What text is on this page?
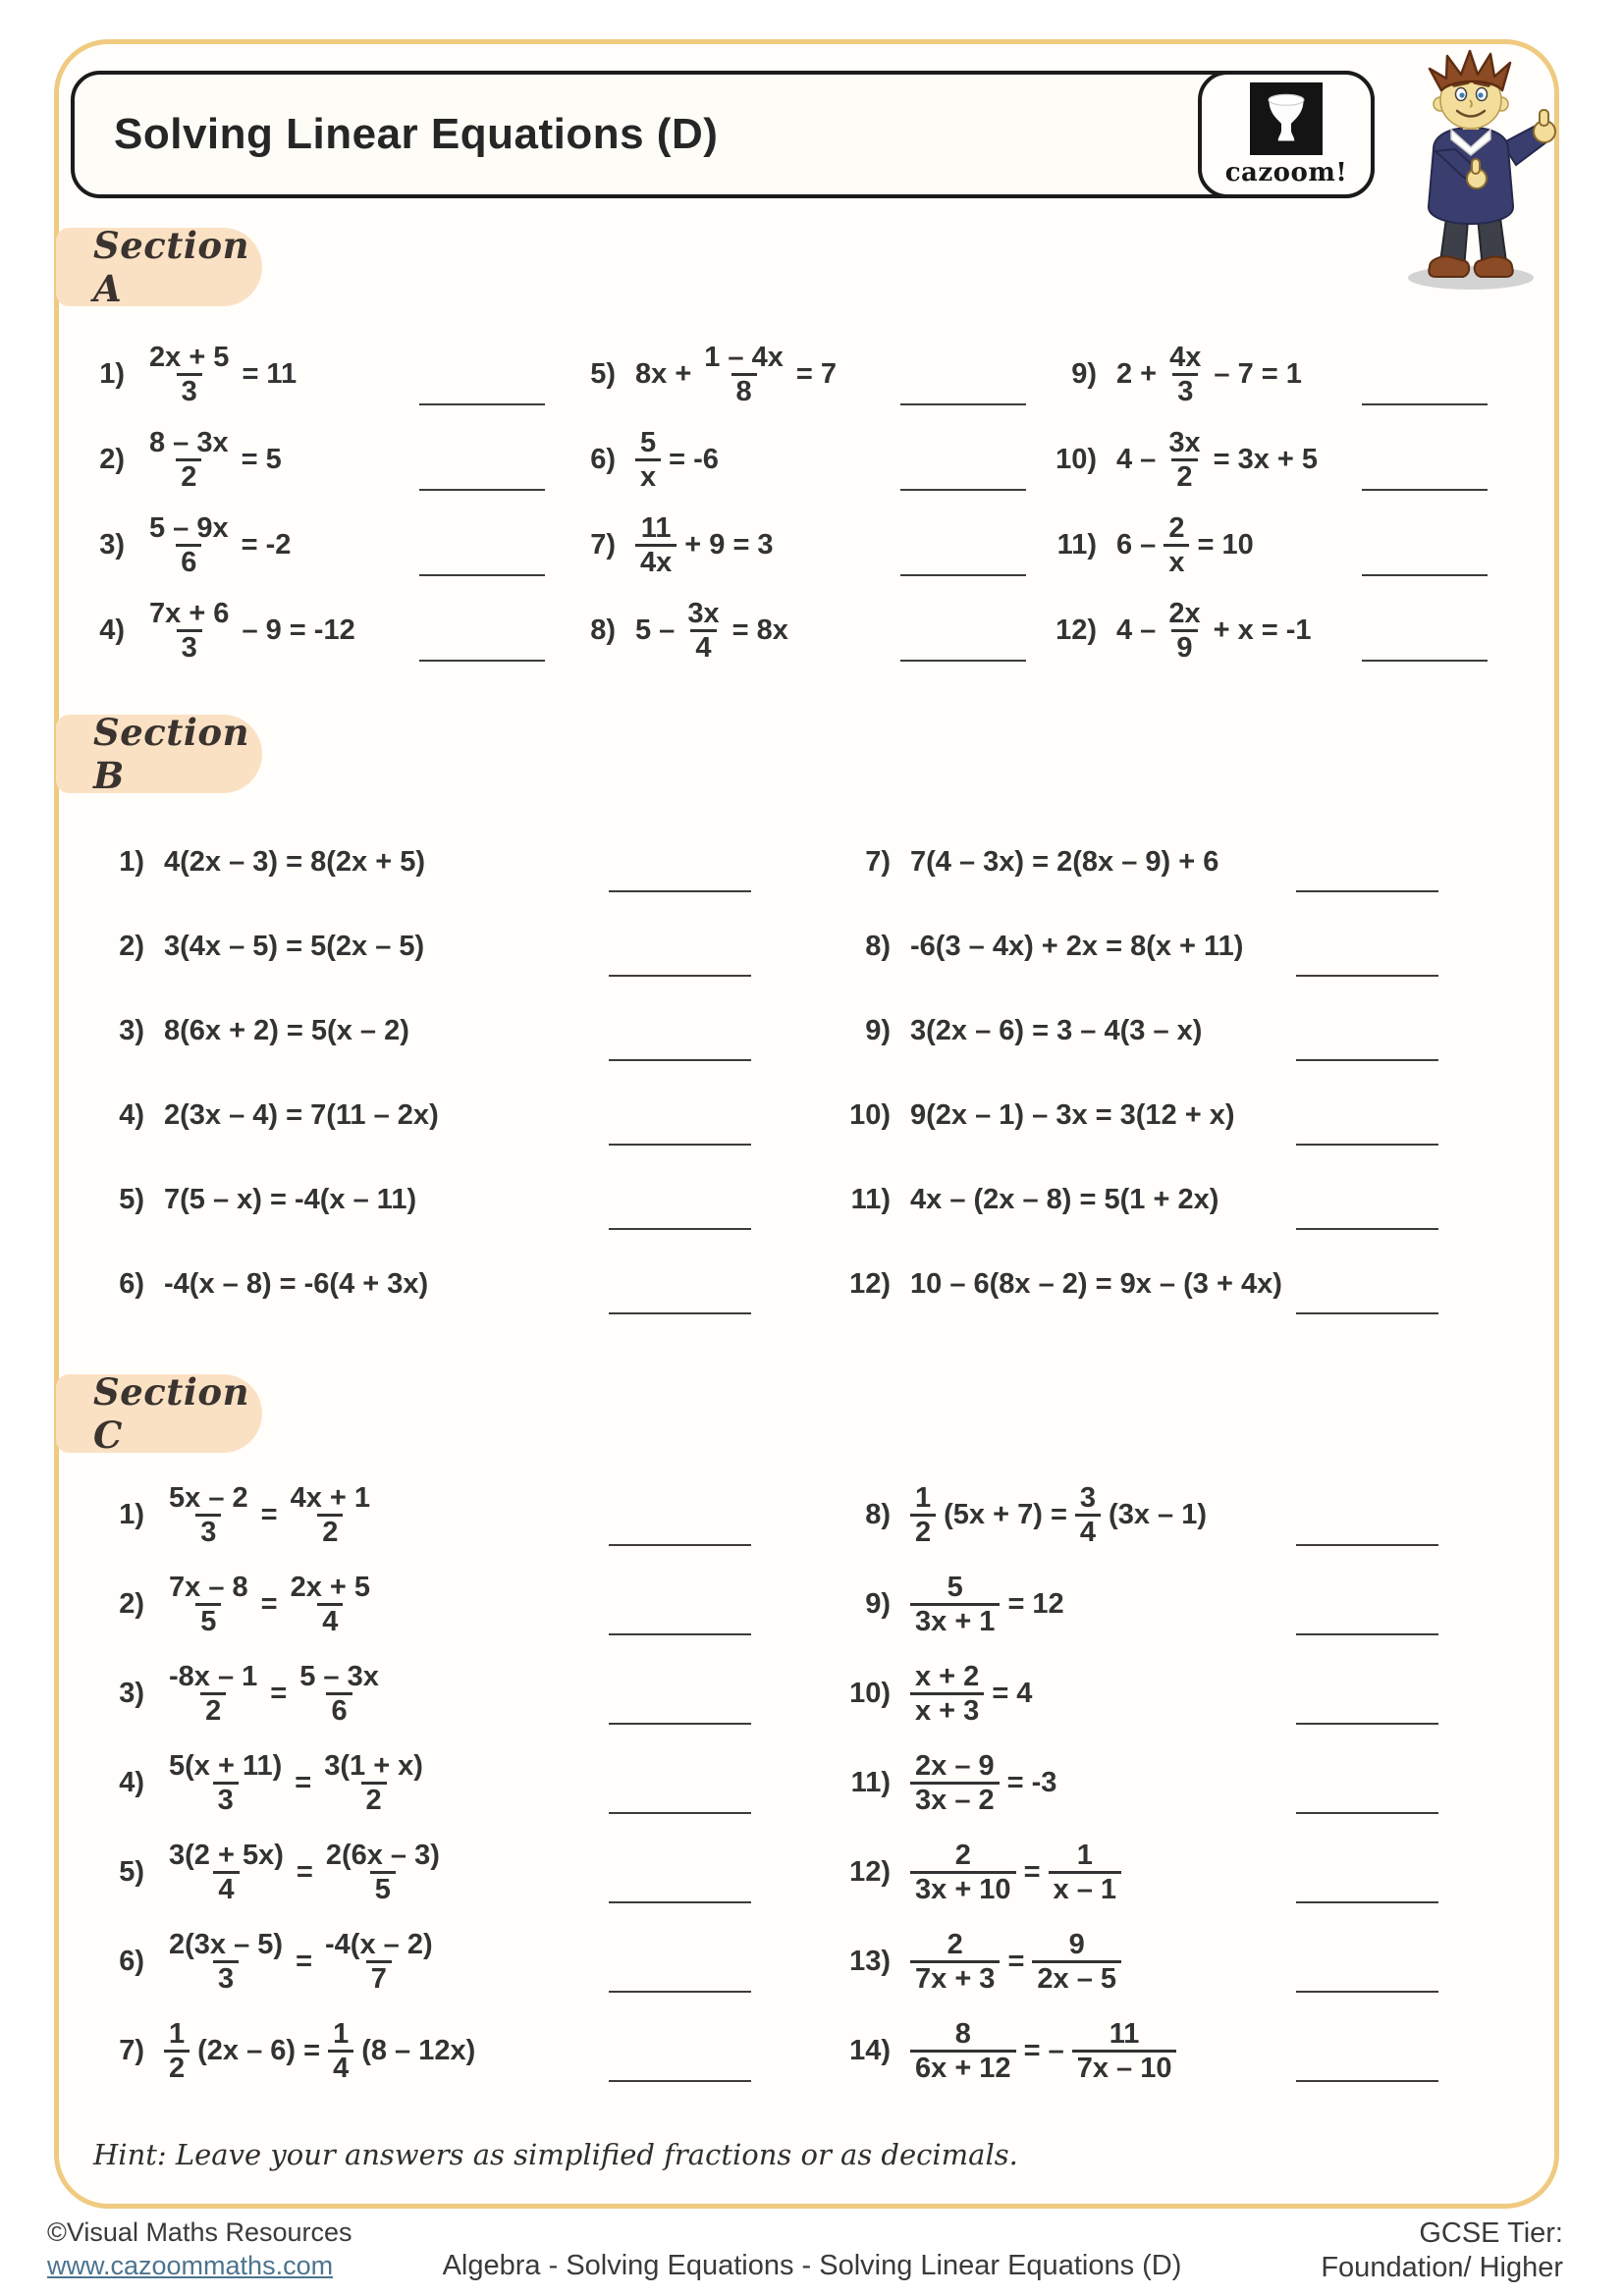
Solving Linear Equations (D)
cazoom!
Section A
Section B
Section C
$1) \frac{2x + 5}{3} = 11$
$2) \frac{8 - 3x}{2} = 5$
$3) \frac{5 - 9x}{6} = -2$
$4) \frac{7x + 6}{3} - 9 = -12$
5) $8x + \frac{1 - 4x}{8} = 7$
$6) \frac{5}{x} = -6$
$7) \frac{11}{4x} + 9 = 3$
8) $5 - \frac{3x}{4} = 8x$
9) $2 + \frac{4x}{3} - 7 = 1$
10) $4 - \frac{3x}{2} = 3x + 5$
11) $6 - \frac{2}{x} = 10$
12) $4 - \frac{2x}{9} + x = -1$
1) 4(2x – 3) = 8(2x + 5)
2) 3(4x – 5) = 5(2x – 5)
3) 8(6x + 2) = 5(x – 2)
4) 2(3x – 4) = 7(11 – 2x)
5) 7(5 – x) = -4(x – 11)
6) -4(x – 8) = -6(4 + 3x)
7) 7(4 – 3x) = 2(8x – 9) + 6
8) -6(3 – 4x) + 2x = 8(x + 11)
9) 3(2x – 6) = 3 – 4(3 – x)
10) 9(2x – 1) – 3x = 3(12 + x)
11) 4x – (2x – 8) = 5(1 + 2x)
12) 10 – 6(8x – 2) = 9x – (3 + 4x)
$1) \frac{5x - 2}{3} = \frac{4x + 1}{2}$
$2) \frac{7x - 8}{5} = \frac{2x + 5}{4}$
$3) \frac{-8x - 1}{2} = \frac{5 - 3x}{6}$
$4) \frac{5(x + 11)}{3} = \frac{3(1 + x)}{2}$
$5) \frac{3(2 + 5x)}{4} = \frac{2(6x - 3)}{5}$
$6) \frac{2(3x - 5)}{3} = \frac{-4(x - 2)}{7}$
$7) \frac{1}{2} (2x - 6) = \frac{1}{4} (8 - 12x)$
$8) \frac{1}{2} (5x + 7) = \frac{3}{4} (3x - 1)$
$9) \frac{5}{3x + 1} = 12$
$10) \frac{x + 2}{x + 3} = 4$
$11) \frac{2x - 9}{3x - 2} = -3$
$12) \frac{2}{3x + 10} = \frac{1}{x - 1}$
$13) \frac{2}{7x + 3} = \frac{9}{2x - 5}$
$14) \frac{8}{6x + 12}$ = – $\frac{11}{7x - 10}$
Hint: Leave your answers as simplified fractions or as decimals.
©Visual Maths Resources
www.cazoommaths.com	Algebra - Solving Equations - Solving Linear Equations (D)
GCSE Tier:
Foundation/ Higher
